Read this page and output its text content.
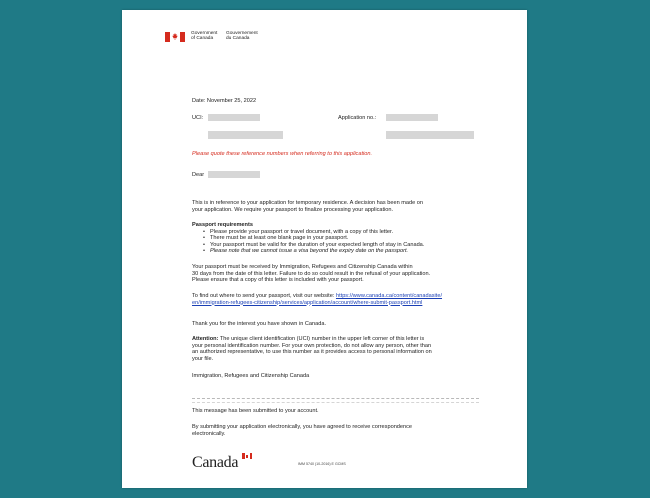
Government
of Canada
Gouvernement
du Canada
Date: November 25, 2022
UCI:	Application no.:
Please quote these reference numbers when referring to this application.
Dear
This is in reference to your application for temporary residence. A decision has been made on
your application. We require your passport to finalize processing your application.
Passport requirements
• Please provide your passport or travel document, with a copy of this letter.
• There must be at least one blank page in your passport.
• Your passport must be valid for the duration of your expected length of stay in Canada.
• Please note that we cannot issue a visa beyond the expiry date on the passport.
Your passport must be received by Immigration, Refugees and Citizenship Canada within
30 days from the date of this letter. Failure to do so could result in the refusal of your application.
Please ensure that a copy of this letter is included with your passport.
To find out where to send your passport, visit our website: https://www.canada.ca/content/canadasite/
en/immigration-refugees-citizenship/services/application/account/where-submit-passport.html
Thank you for the interest you have shown in Canada.
Attention: The unique client identification (UCI) number in the upper left corner of this letter is
your personal identification number. For your own protection, do not allow any person, other than
an authorized representative, to use this number as it provides access to personal information on
your file.
Immigration, Refugees and Citizenship Canada
This message has been submitted to your account.
By submitting your application electronically, you have agreed to receive correspondence
electronically.
Canada	IMM 5740 (10-2016) E GCMS
